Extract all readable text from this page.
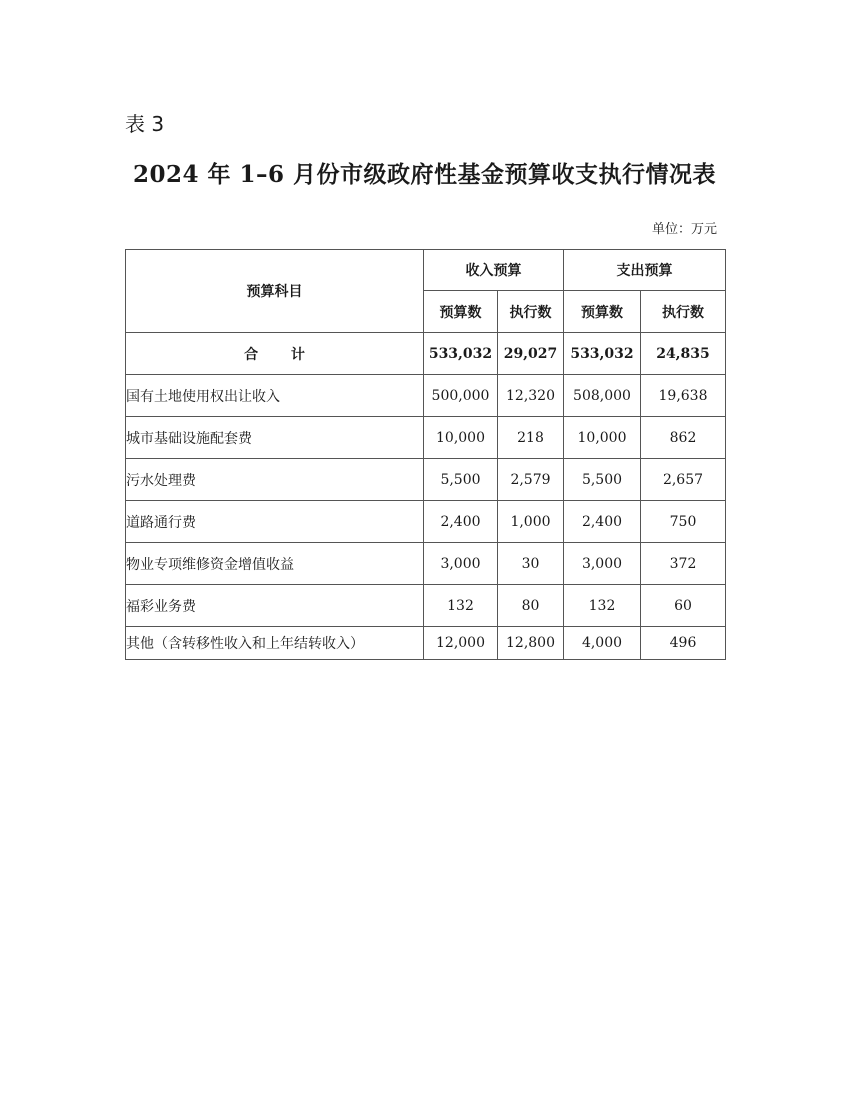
表 3
2024 年 1–6 月份市级政府性基金预算收支执行情况表
单位：万元
预算科目	收入预算		支出预算	
	预算数	执行数	预算数	执行数
合 计	533,032	29,027	533,032	24,835
国有土地使用权出让收入	500,000	12,320	508,000	19,638
城市基础设施配套费	10,000	218	10,000	862
污水处理费	5,500	2,579	5,500	2,657
道路通行费	2,400	1,000	2,400	750
物业专项维修资金增值收益	3,000	30	3,000	372
福彩业务费	132	80	132	60
其他（含转移性收入和上年结转收入）	12,000	12,800	4,000	496
